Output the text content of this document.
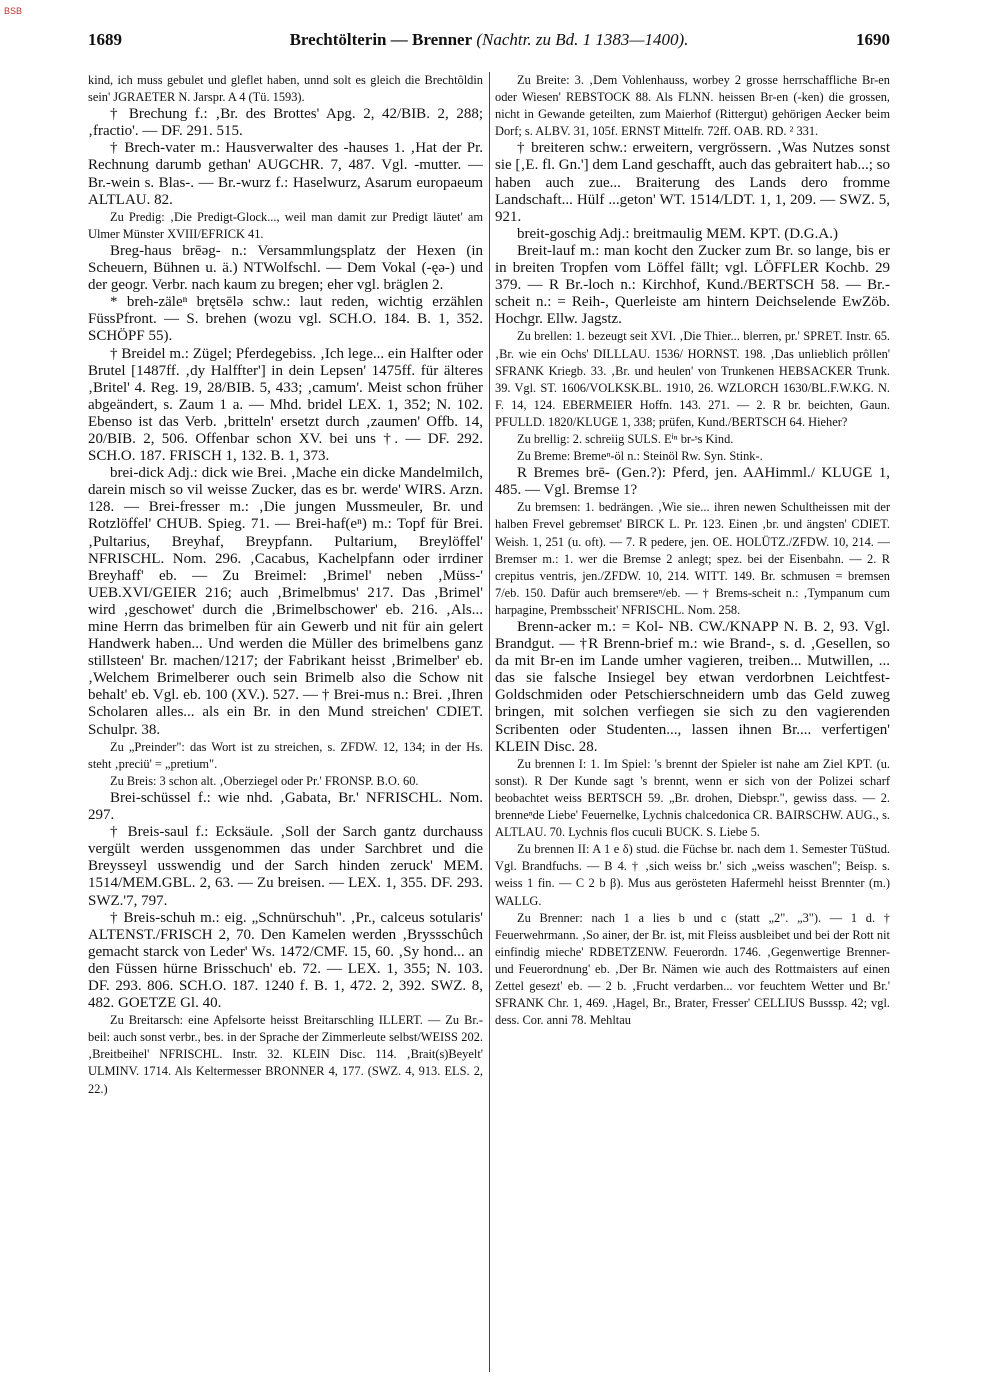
BSB
1689	Brechtölterin — Brenner (Nachtr. zu Bd. 1 1383—1400).	1690

kind, ich muss gebulet und gleflet haben, unnd solt es gleich die Brechtôldin sein' JGRAETER N. Jarspr. A 4 (Tü. 1593).

† Brechung f.: ‚Br. des Brottes' Apg. 2, 42/BIB. 2, 288; ‚fractio'. — DF. 291. 515.

† Brech-vater m.: Hausverwalter des -hauses 1. ‚Hat der Pr. Rechnung darumb gethan' AUGCHR. 7, 487. Vgl. -mutter. — Br.-wein s. Blas-. — Br.-wurz f.: Haselwurz, Asarum europaeum ALTLAU. 82.

Zu Predig: ‚Die Predigt-Glock..., weil man damit zur Predigt läutet' am Ulmer Münster XVIII/EFRICK 41.

Breg-haus brēəg- n.: Versammlungsplatz der Hexen (in Scheuern, Bühnen u. ä.) NTWolfschl. — Dem Vokal (-ęə-) und der geogr. Verbr. nach kaum zu bregen; eher vgl. bräglen 2.

* breh-zäleⁿ brętsēlə schw.: laut reden, wichtig erzählen FüssPfront. — S. brehen (wozu vgl. SCH.O. 184. B. 1, 352. SCHÖPF 55).

† Breidel m.: Zügel; Pferdegebiss. ‚Ich lege... ein Halfter oder Brutel [1487ff. ‚dy Halffter'] in dein Lepsen' 1475ff. für älteres ‚Britel' 4. Reg. 19, 28/BIB. 5, 433; ‚camum'. Meist schon früher abgeändert, s. Zaum 1 a. — Mhd. bridel LEX. 1, 352; N. 102. Ebenso ist das Verb. ‚britteln' ersetzt durch ‚zaumen' Offb. 14, 20/BIB. 2, 506. Offenbar schon XV. bei uns †. — DF. 292. SCH.O. 187. FRISCH 1, 132. B. 1, 373.

brei-dick Adj.: dick wie Brei. ‚Mache ein dicke Mandelmilch, darein misch so vil weisse Zucker, das es br. werde' WIRS. Arzn. 128. — Brei-fresser m.: ‚Die jungen Mussmeuler, Br. und Rotzlöffel' CHUB. Spieg. 71. — Brei-haf(eⁿ) m.: Topf für Brei. ‚Pultarius, Breyhaf, Breypfann. Pultarium, Breylöffel' NFRISCHL. Nom. 296. ‚Cacabus, Kachelpfann oder irrdiner Breyhaff' eb. — Zu Breimel: ‚Brimel' neben ‚Müss-' UEB.XVI/GEIER 216; auch ‚Brimelbmus' 217. Das ‚Brimel' wird ‚geschowet' durch die ‚Brimelbschower' eb. 216. ‚Als... mine Herrn das brimelben für ain Gewerb und nit für ain gelert Handwerk haben... Und werden die Müller des brimelbens ganz stillsteen' Br. machen/1217; der Fabrikant heisst ‚Brimelber' eb. ‚Welchem Brimelberer ouch sein Brimelb also die Schow nit behalt' eb. Vgl. eb. 100 (XV.). 527. — † Brei-mus n.: Brei. ‚Ihren Scholaren alles... als ein Br. in den Mund streichen' CDIET. Schulpr. 38.

Zu „Preinder": das Wort ist zu streichen, s. ZFDW. 12, 134; in der Hs. steht ‚preciü' = „pretium".

Zu Breis: 3 schon alt. ‚Oberziegel oder Pr.' FRONSP. B.O. 60.

Brei-schüssel f.: wie nhd. ‚Gabata, Br.' NFRISCHL. Nom. 297.

† Breis-saul f.: Ecksäule. ‚Soll der Sarch gantz durchauss vergült werden ussgenommen das under Sarchbret und die Breysseyl usswendig und der Sarch hinden zeruck' MEM. 1514/MEM.GBL. 2, 63. — Zu breisen. — LEX. 1, 355. DF. 293. SWZ.'7, 797.

† Breis-schuh m.: eig. „Schnürschuh". ‚Pr., calceus sotularis' ALTENST./FRISCH 2, 70. Den Kamelen werden ‚Bryssschûch gemacht starck von Leder' Ws. 1472/CMF. 15, 60. ‚Sy hond... an den Füssen hürne Brisschuch' eb. 72. — LEX. 1, 355; N. 103. DF. 293. 806. SCH.O. 187. 1240 f. B. 1, 472. 2, 392. SWZ. 8, 482. GOETZE Gl. 40.

Zu Breitarsch: eine Apfelsorte heisst Breitarschling ILLERT. — Zu Br.-beil: auch sonst verbr., bes. in der Sprache der Zimmerleute selbst/WEISS 202. ‚Breitbeihel' NFRISCHL. Instr. 32. KLEIN Disc. 114. ‚Brait(s)Beyelt' ULMINV. 1714. Als Keltermesser BRONNER 4, 177. (SWZ. 4, 913. ELS. 2, 22.)

Zu Breite: 3. ‚Dem Vohlenhauss, worbey 2 grosse herrschaffliche Br-en oder Wiesen' REBSTOCK 88. Als FLNN. heissen Br-en (-ken) die grossen, nicht in Gewande geteilten, zum Maierhof (Rittergut) gehörigen Aecker beim Dorf; s. ALBV. 31, 105f. ERNST Mittelfr. 72ff. OAB. RD. ² 331.

† breiteren schw.: erweitern, vergrössern. ‚Was Nutzes sonst sie [‚E. fl. Gn.'] dem Land geschafft, auch das gebraitert hab...; so haben auch zue... Braiterung des Lands dero fromme Landschaft... Hülf ...geton' WT. 1514/LDT. 1, 1, 209. — SWZ. 5, 921.

breit-goschig Adj.: breitmaulig MEM. KPT. (D.G.A.)

Breit-lauf m.: man kocht den Zucker zum Br. so lange, bis er in breiten Tropfen vom Löffel fällt; vgl. LÖFFLER Kochb. 29 379. — R Br.-loch n.: Kirchhof, Kund./BERTSCH 58. — Br.-scheit n.: = Reih-, Querleiste am hintern Deichselende EwZöb. Hochgr. Ellw. Jagstz.

Zu brellen: 1. bezeugt seit XVI. ‚Die Thier... blerren, pr.' SPRET. Instr. 65. ‚Br. wie ein Ochs' DILLLAU. 1536/ HORNST. 198. ‚Das unlieblich prôllen' SFRANK Kriegb. 33. ‚Br. und heulen' von Trunkenen HEBSACKER Trunk. 39. Vgl. ST. 1606/VOLKSK.BL. 1910, 26. WZLORCH 1630/BL.F.W.KG. N. F. 14, 124. EBERMEIER Hoffn. 143. 271. — 2. R br. beichten, Gaun. PFULLD. 1820/KLUGE 1, 338; prüfen, Kund./BERTSCH 64. Hieher?

Zu brellig: 2. schreiig SULS. Eⁱⁿ br-ˢs Kind.

Zu Breme: Bremeⁿ-öl n.: Steinöl Rw. Syn. Stink-.

R Bremes brē- (Gen.?): Pferd, jen. AAHimml./ KLUGE 1, 485. — Vgl. Bremse 1?

Zu bremsen: 1. bedrängen. ‚Wie sie... ihren newen Schultheissen mit der halben Frevel gebremset' BIRCK L. Pr. 123. Einen ‚br. und ängsten' CDIET. Weish. 1, 251 (u. oft). — 7. R pedere, jen. OE. HOLÜTZ./ZFDW. 10, 214. — Bremser m.: 1. wer die Bremse 2 anlegt; spez. bei der Eisenbahn. — 2. R crepitus ventris, jen./ZFDW. 10, 214. WITT. 149. Br. schmusen = bremsen 7/eb. 150. Dafür auch bremsereⁿ/eb. — † Brems-scheit n.: ‚Tympanum cum harpagine, Prembsscheit' NFRISCHL. Nom. 258.

Brenn-acker m.: = Kol- NB. CW./KNAPP N. B. 2, 93. Vgl. Brandgut. — †R Brenn-brief m.: wie Brand-, s. d. ‚Gesellen, so da mit Br-en im Lande umher vagieren, treiben... Mutwillen, ... das sie falsche Insiegel bey etwan verdorbnen Leichtfest-Goldschmiden oder Petschierschneidern umb das Geld zuweg bringen, mit solchen verfiegen sie sich zu den vagierenden Scribenten oder Studenten..., lassen ihnen Br.... verfertigen' KLEIN Disc. 28.

Zu brennen I: 1. Im Spiel: 's brennt der Spieler ist nahe am Ziel KPT. (u. sonst). R Der Kunde sagt 's brennt, wenn er sich von der Polizei scharf beobachtet weiss BERTSCH 59. „Br. drohen, Diebspr.", gewiss dass. — 2. brenneⁿde Liebe' Feuernelke, Lychnis chalcedonica CR. BAIRSCHW. AUG., s. ALTLAU. 70. Lychnis flos cuculi BUCK. S. Liebe 5.

Zu brennen II: A 1 e δ) stud. die Füchse br. nach dem 1. Semester TüStud. Vgl. Brandfuchs. — B 4. † ‚sich weiss br.' sich „weiss waschen"; Beisp. s. weiss 1 fin. — C 2 b β). Mus aus gerösteten Hafermehl heisst Brennter (m.) WALLG.

Zu Brenner: nach 1 a lies b und c (statt „2". „3"). — 1 d. † Feuerwehrmann. ‚So ainer, der Br. ist, mit Fleiss ausbleibet und bei der Rott nit einfindig mieche' RDBETZENW. Feuerordn. 1746. ‚Gegenwertige Brenner- und Feuerordnung' eb. ‚Der Br. Nämen wie auch des Rottmaisters auf einen Zettel gesezt' eb. — 2 b. ‚Frucht verdarben... vor feuchtem Wetter und Br.' SFRANK Chr. 1, 469. ‚Hagel, Br., Brater, Fresser' CELLIUS Busssp. 42; vgl. dess. Cor. anni 78. Mehltau
